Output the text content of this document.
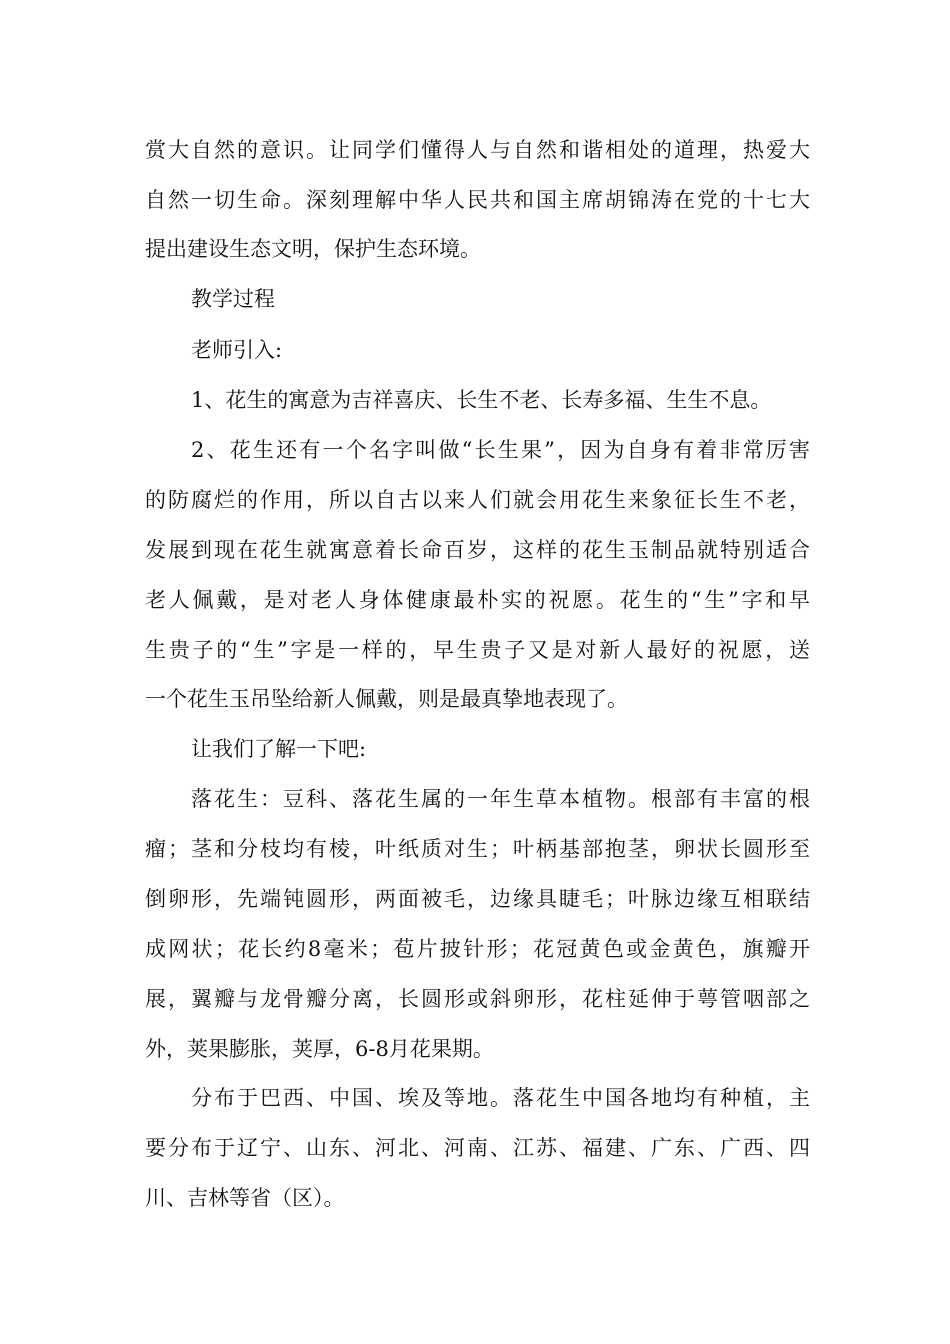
赏大自然的意识。让同学们懂得人与自然和谐相处的道理，热爱大
自然一切生命。深刻理解中华人民共和国主席胡锦涛在党的十七大
提出建设生态文明，保护生态环境。
教学过程
老师引入:
1、花生的寓意为吉祥喜庆、长生不老、长寿多福、生生不息。
2、花生还有一个名字叫做“长生果”，因为自身有着非常厉害
的防腐烂的作用，所以自古以来人们就会用花生来象征长生不老，
发展到现在花生就寓意着长命百岁，这样的花生玉制品就特别适合
老人佩戴，是对老人身体健康最朴实的祝愿。花生的“生”字和早
生贵子的“生”字是一样的，早生贵子又是对新人最好的祝愿，送
一个花生玉吊坠给新人佩戴，则是最真挚地表现了。
让我们了解一下吧:
落花生：豆科、落花生属的一年生草本植物。根部有丰富的根
瘤；茎和分枝均有棱，叶纸质对生；叶柄基部抱茎，卵状长圆形至
倒卵形，先端钝圆形，两面被毛，边缘具睫毛；叶脉边缘互相联结
成网状；花长约8毫米；苞片披针形；花冠黄色或金黄色，旗瓣开
展，翼瓣与龙骨瓣分离，长圆形或斜卵形，花柱延伸于萼管咽部之
外，荚果膨胀，荚厚，6-8月花果期。
分布于巴西、中国、埃及等地。落花生中国各地均有种植，主
要分布于辽宁、山东、河北、河南、江苏、福建、广东、广西、四
川、吉林等省（区）。
